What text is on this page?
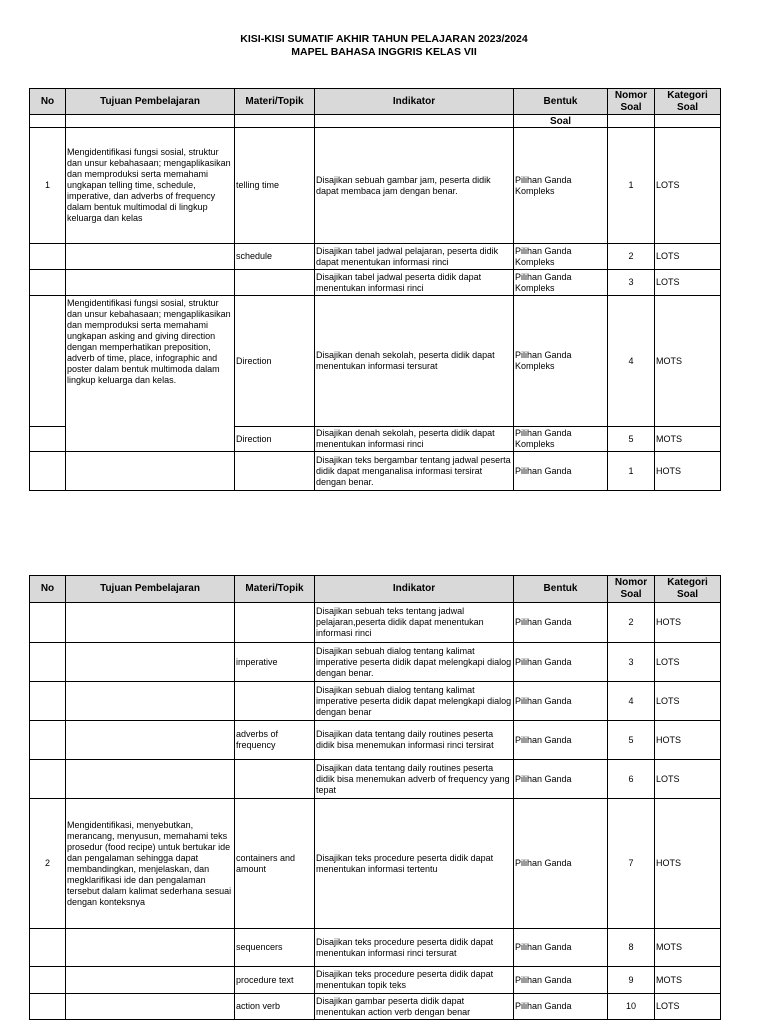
KISI-KISI SUMATIF AKHIR TAHUN PELAJARAN 2023/2024
MAPEL BAHASA INGGRIS KELAS VII
No	Tujuan Pembelajaran	Materi/Topik	Indikator	Bentuk	Nomor Soal	Kategori Soal
				Soal		
1	Mengidentifikasi fungsi sosial, struktur dan unsur kebahasaan; mengaplikasikan dan memproduksi serta memahami ungkapan telling time, schedule, imperative, dan adverbs of frequency dalam bentuk multimodal di lingkup keluarga dan kelas	telling time	Disajikan sebuah gambar jam, peserta didik dapat membaca jam dengan benar.	Pilihan Ganda Kompleks	1	LOTS
		schedule	Disajikan tabel jadwal pelajaran, peserta didik dapat menentukan informasi rinci	Pilihan Ganda Kompleks	2	LOTS
			Disajikan tabel jadwal peserta didik dapat menentukan informasi rinci	Pilihan Ganda Kompleks	3	LOTS
	Mengidentifikasi fungsi sosial, struktur dan unsur kebahasaan; mengaplikasikan dan memproduksi serta memahami ungkapan asking and giving direction dengan memperhatikan preposition, adverb of time, place, infographic and poster dalam bentuk multimoda dalam lingkup keluarga dan kelas.	Direction	Disajikan denah sekolah, peserta didik dapat menentukan informasi tersurat	Pilihan Ganda Kompleks	4	MOTS
		Direction	Disajikan denah sekolah, peserta didik dapat menentukan informasi rinci	Pilihan Ganda Kompleks	5	MOTS
			Disajikan teks bergambar tentang jadwal peserta didik dapat menganalisa informasi tersirat dengan benar.	Pilihan Ganda	1	HOTS
No	Tujuan Pembelajaran	Materi/Topik	Indikator	Bentuk	Nomor Soal	Kategori Soal
			Disajikan sebuah teks tentang jadwal pelajaran,peserta didik dapat menentukan informasi rinci	Pilihan Ganda	2	HOTS
		imperative	Disajikan sebuah dialog tentang kalimat imperative peserta didik dapat melengkapi dialog dengan benar.	Pilihan Ganda	3	LOTS
			Disajikan sebuah dialog tentang kalimat imperative peserta didik dapat melengkapi dialog dengan benar	Pilihan Ganda	4	LOTS
		adverbs of frequency	Disajikan data tentang daily routines peserta didik bisa menemukan informasi rinci tersirat	Pilihan Ganda	5	HOTS
			Disajikan data tentang daily routines peserta didik bisa menemukan adverb of frequency yang tepat	Pilihan Ganda	6	LOTS
2	Mengidentifikasi, menyebutkan, merancang, menyusun, memahami teks prosedur (food recipe) untuk bertukar ide dan pengalaman sehingga dapat membandingkan, menjelaskan, dan megklarifikasi ide dan pengalaman tersebut dalam kalimat sederhana sesuai dengan konteksnya	containers and amount	Disajikan teks procedure peserta didik dapat menentukan informasi tertentu	Pilihan Ganda	7	HOTS
		sequencers	Disajikan teks procedure peserta didik dapat menentukan informasi rinci tersurat	Pilihan Ganda	8	MOTS
		procedure text	Disajikan teks procedure peserta didik dapat menentukan topik teks	Pilihan Ganda	9	MOTS
		action verb	Disajikan gambar peserta didik dapat menentukan action verb dengan benar	Pilihan Ganda	10	LOTS
